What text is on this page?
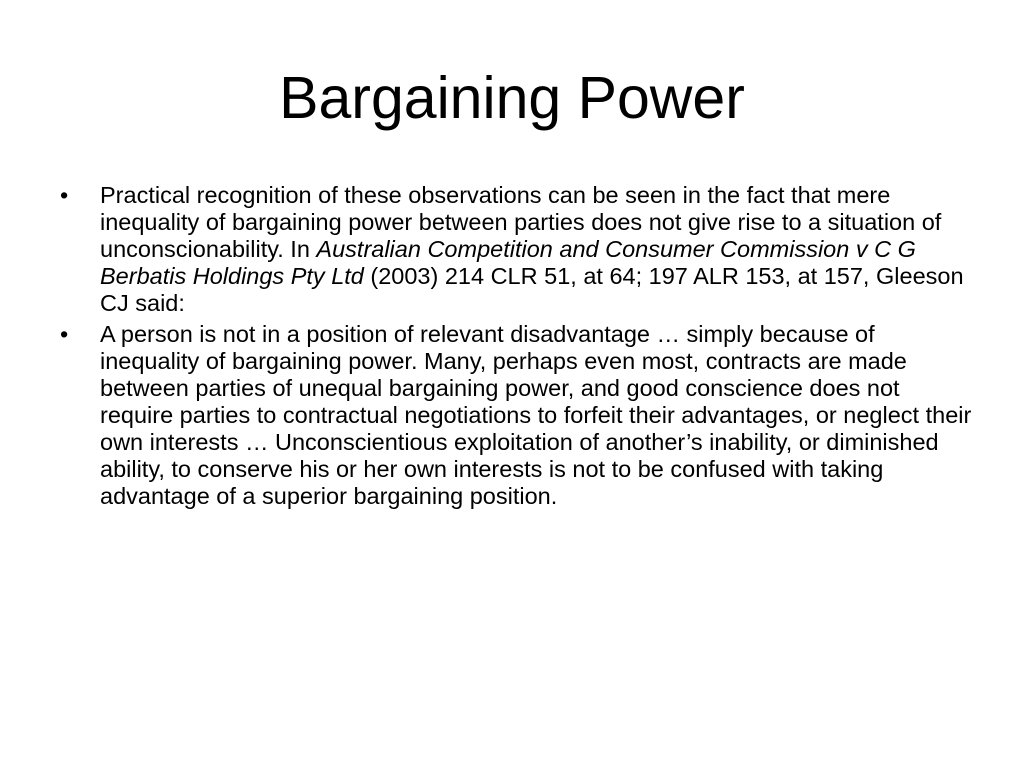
Bargaining Power
• Practical recognition of these observations can be seen in the fact that mere inequality of bargaining power between parties does not give rise to a situation of unconscionability. In Australian Competition and Consumer Commission v C G Berbatis Holdings Pty Ltd (2003) 214 CLR 51, at 64; 197 ALR 153, at 157, Gleeson CJ said:
• A person is not in a position of relevant disadvantage … simply because of inequality of bargaining power. Many, perhaps even most, contracts are made between parties of unequal bargaining power, and good conscience does not require parties to contractual negotiations to forfeit their advantages, or neglect their own interests … Unconscientious exploitation of another’s inability, or diminished ability, to conserve his or her own interests is not to be confused with taking advantage of a superior bargaining position.
